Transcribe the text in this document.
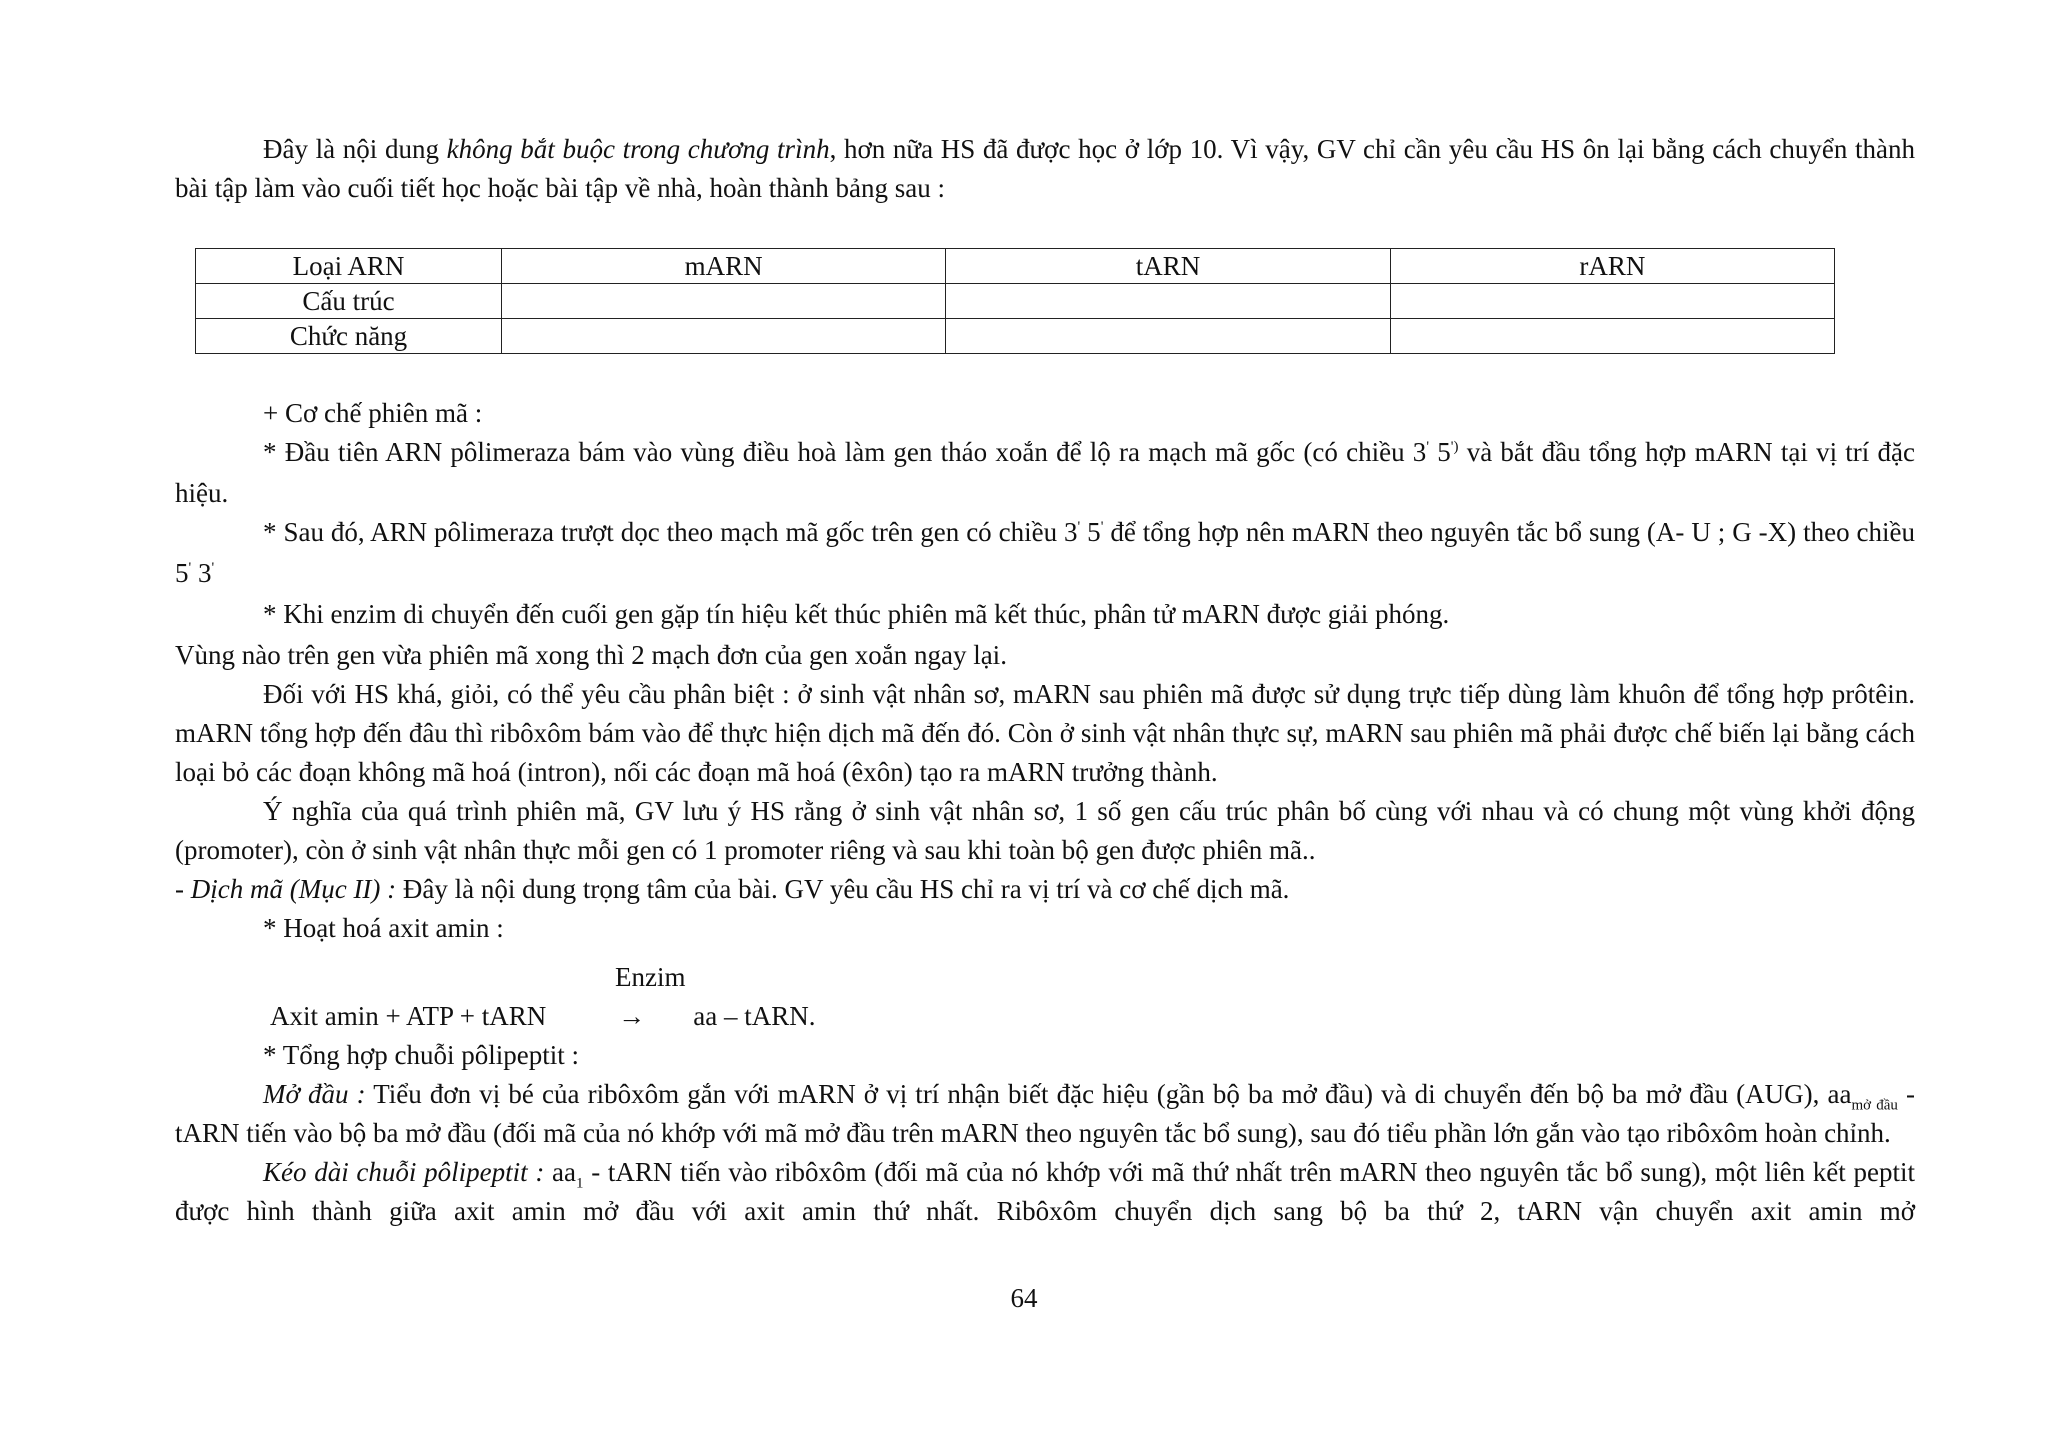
Đây là nội dung không bắt buộc trong chương trình, hơn nữa HS đã được học ở lớp 10. Vì vậy, GV chỉ cần yêu cầu HS ôn lại bằng cách chuyển thành bài tập làm vào cuối tiết học hoặc bài tập về nhà, hoàn thành bảng sau :

Loại ARN	mARN	tARN	rARN
Cấu trúc			
Chức năng			

+ Cơ chế phiên mã :

* Đầu tiên ARN pôlimeraza bám vào vùng điều hoà làm gen tháo xoắn để lộ ra mạch mã gốc (có chiều 3' 5') và bắt đầu tổng hợp mARN tại vị trí đặc hiệu.

* Sau đó, ARN pôlimeraza trượt dọc theo mạch mã gốc trên gen có chiều 3' 5' để tổng hợp nên mARN theo nguyên tắc bổ sung (A- U ; G -X) theo chiều 5' 3'

* Khi enzim di chuyển đến cuối gen gặp tín hiệu kết thúc phiên mã kết thúc, phân tử mARN được giải phóng.

Vùng nào trên gen vừa phiên mã xong thì 2 mạch đơn của gen xoắn ngay lại.

Đối với HS khá, giỏi, có thể yêu cầu phân biệt : ở sinh vật nhân sơ, mARN sau phiên mã được sử dụng trực tiếp dùng làm khuôn để tổng hợp prôtêin. mARN tổng hợp đến đâu thì ribôxôm bám vào để thực hiện dịch mã đến đó. Còn ở sinh vật nhân thực sự, mARN sau phiên mã phải được chế biến lại bằng cách loại bỏ các đoạn không mã hoá (intron), nối các đoạn mã hoá (êxôn) tạo ra mARN trưởng thành.

Ý nghĩa của quá trình phiên mã, GV lưu ý HS rằng ở sinh vật nhân sơ, 1 số gen cấu trúc phân bố cùng với nhau và có chung một vùng khởi động (promoter), còn ở sinh vật nhân thực mỗi gen có 1 promoter riêng và sau khi toàn bộ gen được phiên mã..

- Dịch mã (Mục II) : Đây là nội dung trọng tâm của bài. GV yêu cầu HS chỉ ra vị trí và cơ chế dịch mã.

* Hoạt hoá axit amin :

Enzim

Axit amin + ATP + tARN	→ aa – tARN.

* Tổng hợp chuỗi pôlipeptit :

Mở đầu : Tiểu đơn vị bé của ribôxôm gắn với mARN ở vị trí nhận biết đặc hiệu (gần bộ ba mở đầu) và di chuyển đến bộ ba mở đầu (AUG), $aa_{mở đầu}$ - tARN tiến vào bộ ba mở đầu (đối mã của nó khớp với mã mở đầu trên mARN theo nguyên tắc bổ sung), sau đó tiểu phần lớn gắn vào tạo ribôxôm hoàn chỉnh.

Kéo dài chuỗi pôlipeptit : $aa_1$ - tARN tiến vào ribôxôm (đối mã của nó khớp với mã thứ nhất trên mARN theo nguyên tắc bổ sung), một liên kết peptit được hình thành giữa axit amin mở đầu với axit amin thứ nhất. Ribôxôm chuyển dịch sang bộ ba thứ 2, tARN vận chuyển axit amin mở

64
